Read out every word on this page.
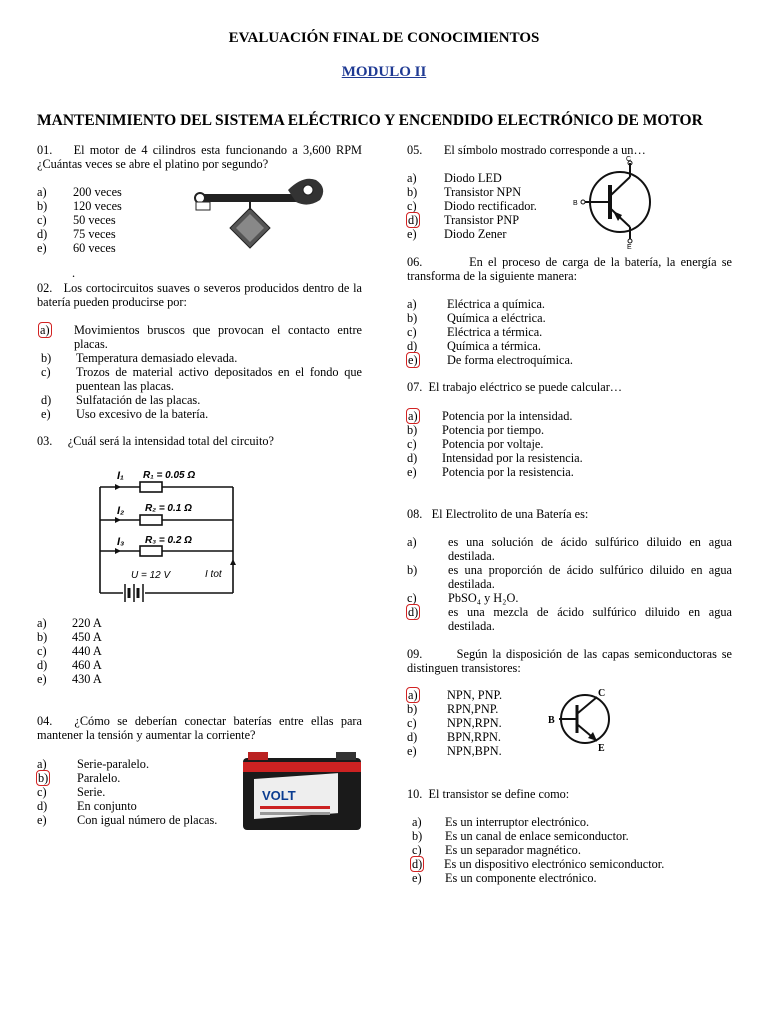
EVALUACIÓN FINAL DE CONOCIMIENTOS
MODULO II
MANTENIMIENTO DEL SISTEMA ELÉCTRICO Y ENCENDIDO ELECTRÓNICO DE MOTOR
01. El motor de 4 cilindros esta funcionando a 3,600 RPM ¿Cuántas veces se abre el platino por segundo?
a) 200 veces
b) 120 veces
c) 50 veces
d) 75 veces
e) 60 veces
.
02. Los cortocircuitos suaves o severos producidos dentro de la batería pueden producirse por:
a)	Movimientos bruscos que provocan el contacto entre placas.
b)	Temperatura demasiado elevada.
c)	Trozos de material activo depositados en el fondo que puentean las placas.
d)	Sulfatación de las placas.
e)	Uso excesivo de la batería.
03. ¿Cuál será la intensidad total del circuito?
I₁ R₁ = 0.05 Ω
I₂ R₂ = 0.1 Ω
I₃ R₃ = 0.2 Ω
U = 12 V	I tot
a) 220 A
b) 450 A
c) 440 A
d) 460 A
e) 430 A
04. ¿Cómo se deberían conectar baterías entre ellas para mantener la tensión y aumentar la corriente?
a) Serie-paralelo.
b) Paralelo.
c) Serie.
d) En conjunto
e) Con igual número de placas.
VOLT
05. El símbolo mostrado corresponde a un…
a) Diodo LED
b) Transistor NPN
c) Diodo rectificador.
d) Transistor PNP
e) Diodo Zener
C
B
E
06.	En el proceso de carga de la batería, la energía se transforma de la siguiente manera:
a) Eléctrica a química.
b) Química a eléctrica.
c) Eléctrica a térmica.
d) Química a térmica.
e) De forma electroquímica.
07. El trabajo eléctrico se puede calcular…
a) Potencia por la intensidad.
b) Potencia por tiempo.
c) Potencia por voltaje.
d) Intensidad por la resistencia.
e) Potencia por la resistencia.
08. El Electrolito de una Batería es:
a)	es una solución de ácido sulfúrico diluido en agua destilada.
b)	es una proporción de ácido sulfúrico diluido en agua destilada.
c)	PbSO₄ y H₂O.
d)	es una mezcla de ácido sulfúrico diluido en agua destilada.
09.	Según la disposición de las capas semiconductoras se distinguen transistores:
a) NPN, PNP.
b) RPN,PNP.
c) NPN,RPN.
d) BPN,RPN.
e) NPN,BPN.
C
B
E
10. El transistor se define como:
a) Es un interruptor electrónico.
b) Es un canal de enlace semiconductor.
c) Es un separador magnético.
d) Es un dispositivo electrónico semiconductor.
e) Es un componente electrónico.
